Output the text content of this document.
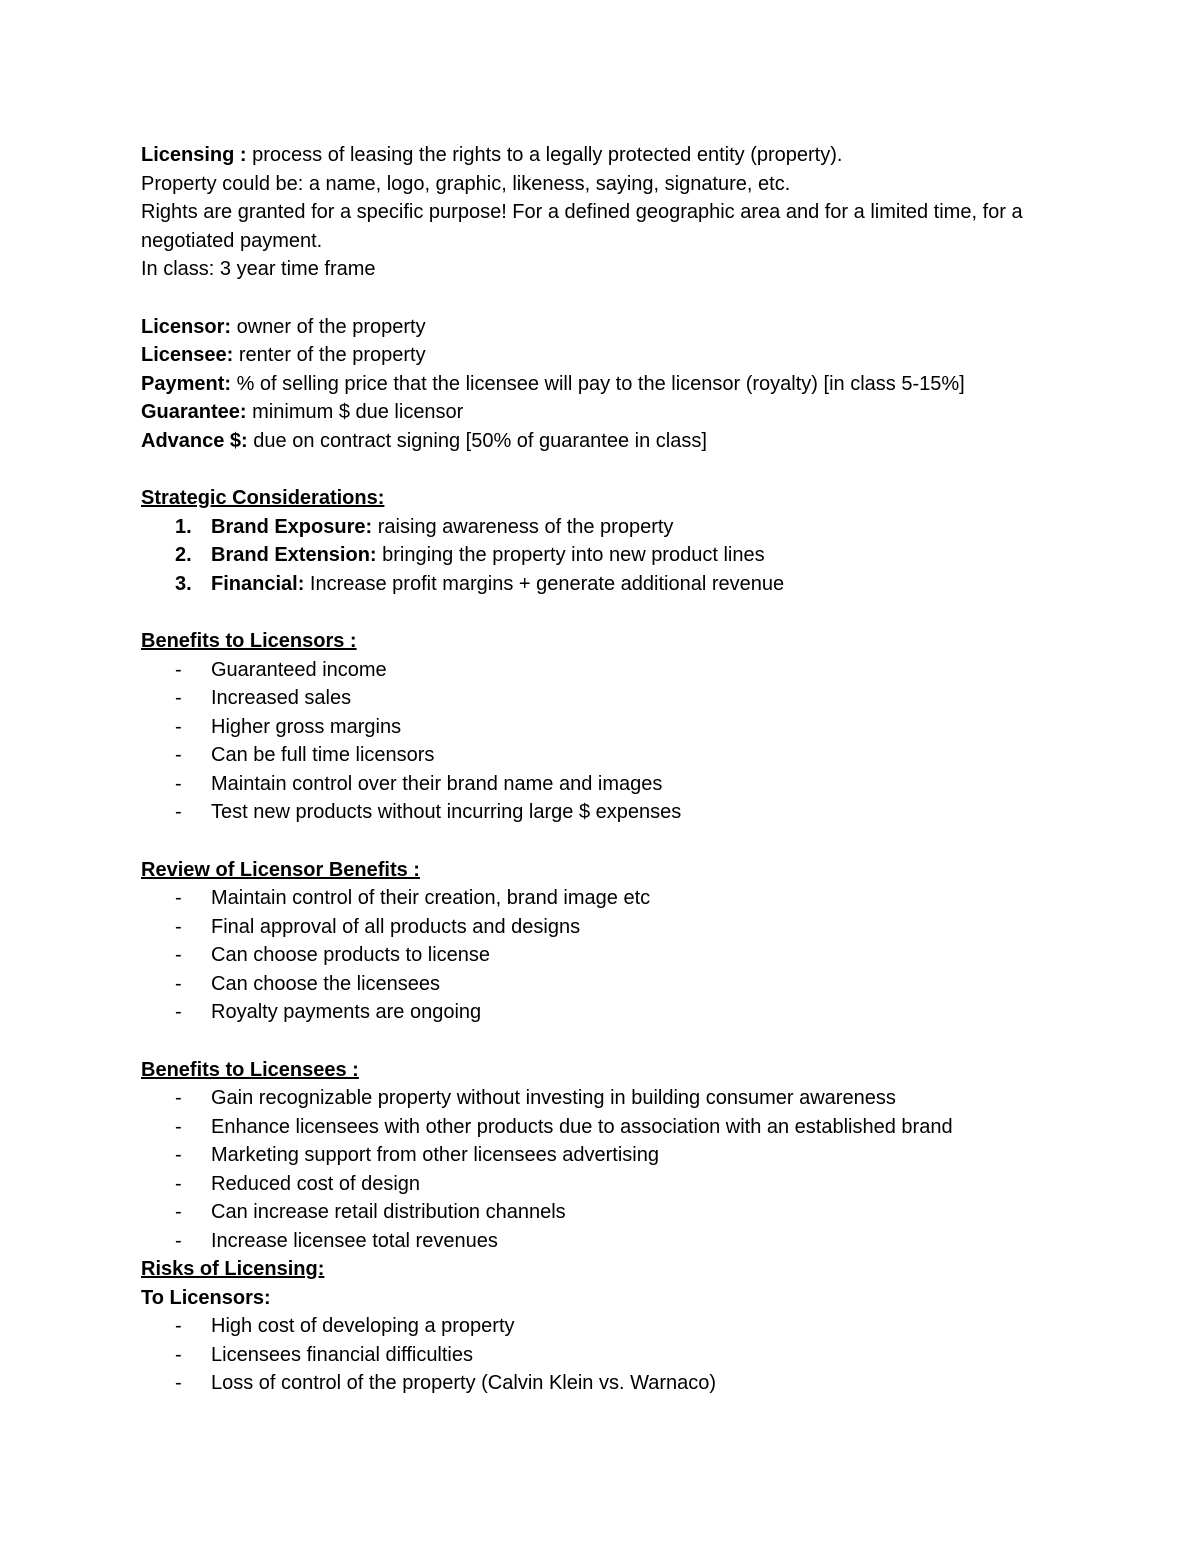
Licensing : process of leasing the rights to a legally protected entity (property).

Property could be: a name, logo, graphic, likeness, saying, signature, etc.

Rights are granted for a specific purpose! For a defined geographic area and for a limited time, for a negotiated payment.

In class: 3 year time frame

Licensor: owner of the property

Licensee: renter of the property

Payment: % of selling price that the licensee will pay to the licensor (royalty) [in class 5-15%]

Guarantee: minimum $ due licensor

Advance $: due on contract signing [50% of guarantee in class]

Strategic Considerations:

1. Brand Exposure: raising awareness of the property
2. Brand Extension: bringing the property into new product lines
3. Financial: Increase profit margins + generate additional revenue

Benefits to Licensors :

- Guaranteed income
- Increased sales
- Higher gross margins
- Can be full time licensors
- Maintain control over their brand name and images
- Test new products without incurring large $ expenses

Review of Licensor Benefits :

- Maintain control of their creation, brand image etc
- Final approval of all products and designs
- Can choose products to license
- Can choose the licensees
- Royalty payments are ongoing

Benefits to Licensees :

- Gain recognizable property without investing in building consumer awareness
- Enhance licensees with other products due to association with an established brand
- Marketing support from other licensees advertising
- Reduced cost of design
- Can increase retail distribution channels
- Increase licensee total revenues

Risks of Licensing:

To Licensors:

- High cost of developing a property
- Licensees financial difficulties
- Loss of control of the property (Calvin Klein vs. Warnaco)
